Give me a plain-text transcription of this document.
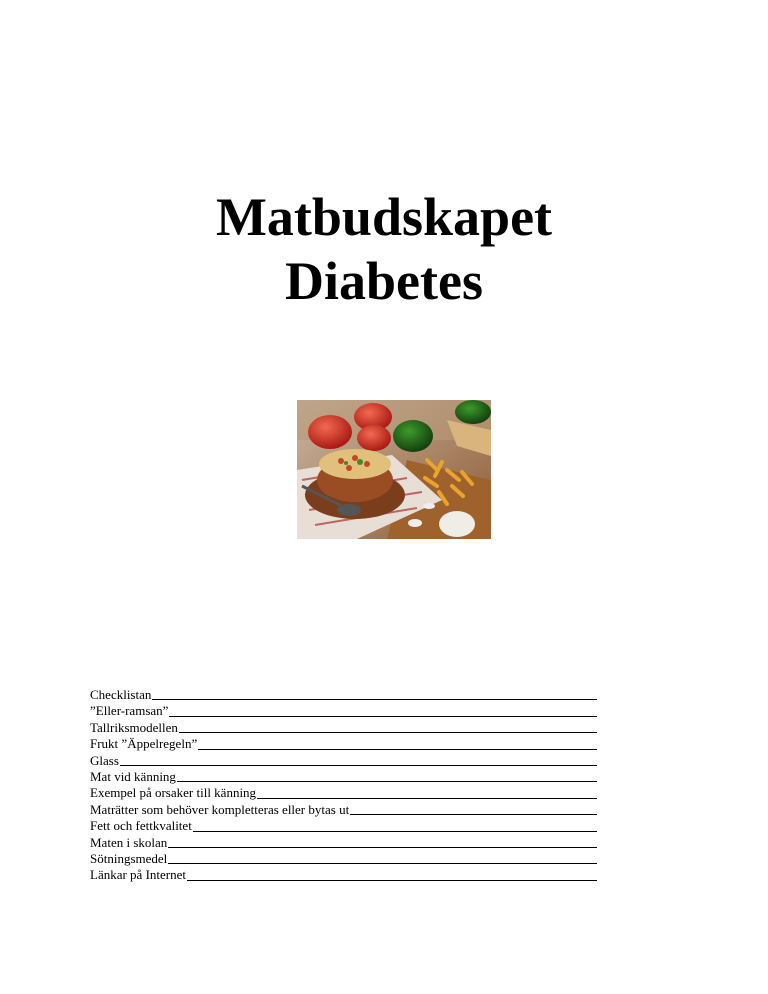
Matbudskapet
Diabetes
Checklistan
”Eller-ramsan”
Tallriksmodellen
Frukt ”Äppelregeln”
Glass
Mat vid känning
Exempel på orsaker till känning
Maträtter som behöver kompletteras eller bytas ut
Fett och fettkvalitet
Maten i skolan
Sötningsmedel
Länkar på Internet
